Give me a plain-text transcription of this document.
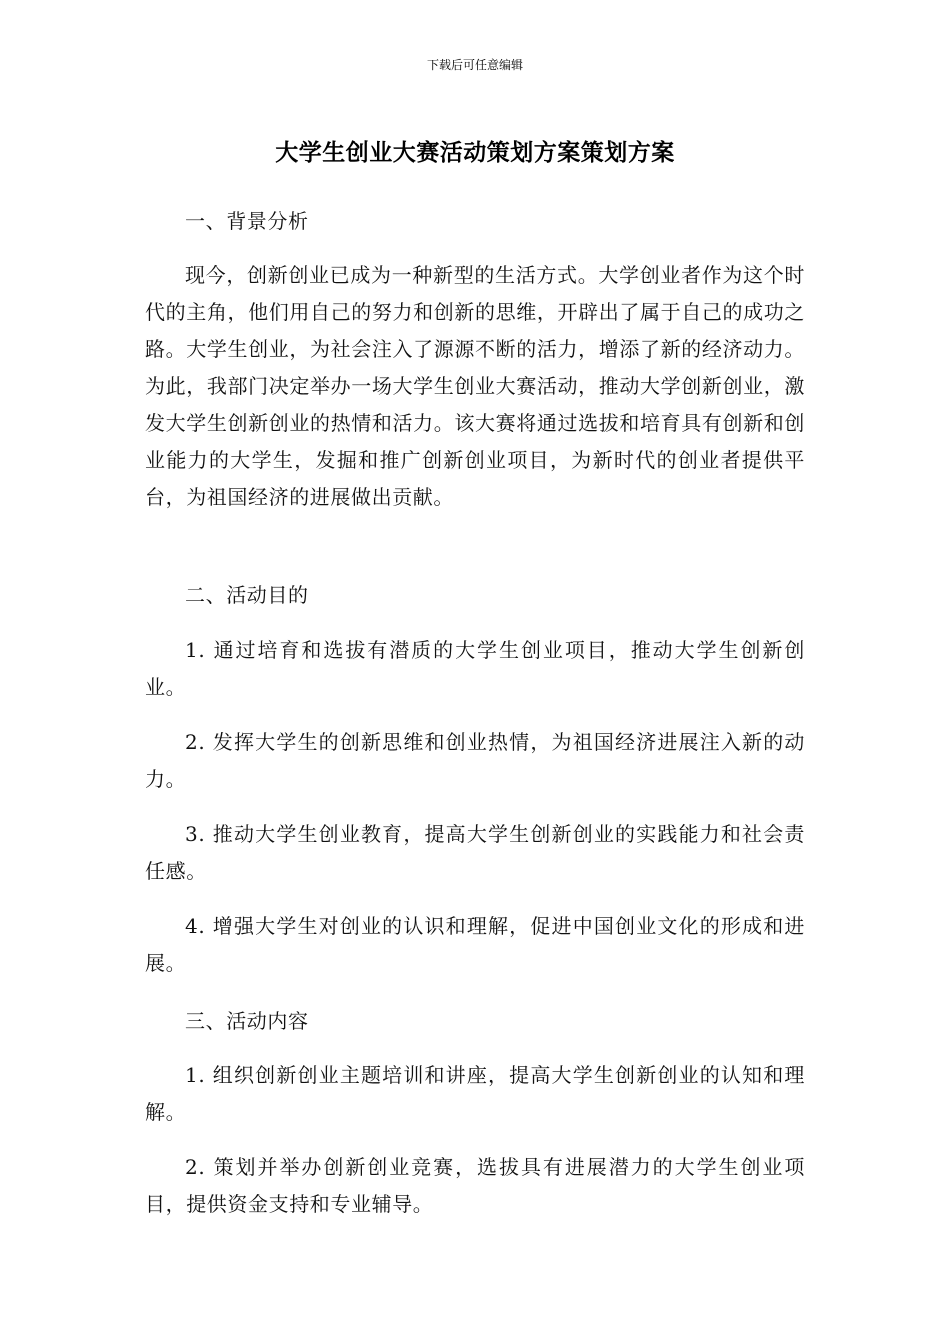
下载后可任意编辑
大学生创业大赛活动策划方案策划方案
一、背景分析
现今，创新创业已成为一种新型的生活方式。大学创业者作为这个时代的主角，他们用自己的努力和创新的思维，开辟出了属于自己的成功之路。大学生创业，为社会注入了源源不断的活力，增添了新的经济动力。为此，我部门决定举办一场大学生创业大赛活动，推动大学创新创业，激发大学生创新创业的热情和活力。该大赛将通过选拔和培育具有创新和创业能力的大学生，发掘和推广创新创业项目，为新时代的创业者提供平台，为祖国经济的进展做出贡献。
二、活动目的
1. 通过培育和选拔有潜质的大学生创业项目，推动大学生创新创业。
2. 发挥大学生的创新思维和创业热情，为祖国经济进展注入新的动力。
3. 推动大学生创业教育，提高大学生创新创业的实践能力和社会责任感。
4. 增强大学生对创业的认识和理解，促进中国创业文化的形成和进展。
三、活动内容
1. 组织创新创业主题培训和讲座，提高大学生创新创业的认知和理解。
2. 策划并举办创新创业竞赛，选拔具有进展潜力的大学生创业项目，提供资金支持和专业辅导。
